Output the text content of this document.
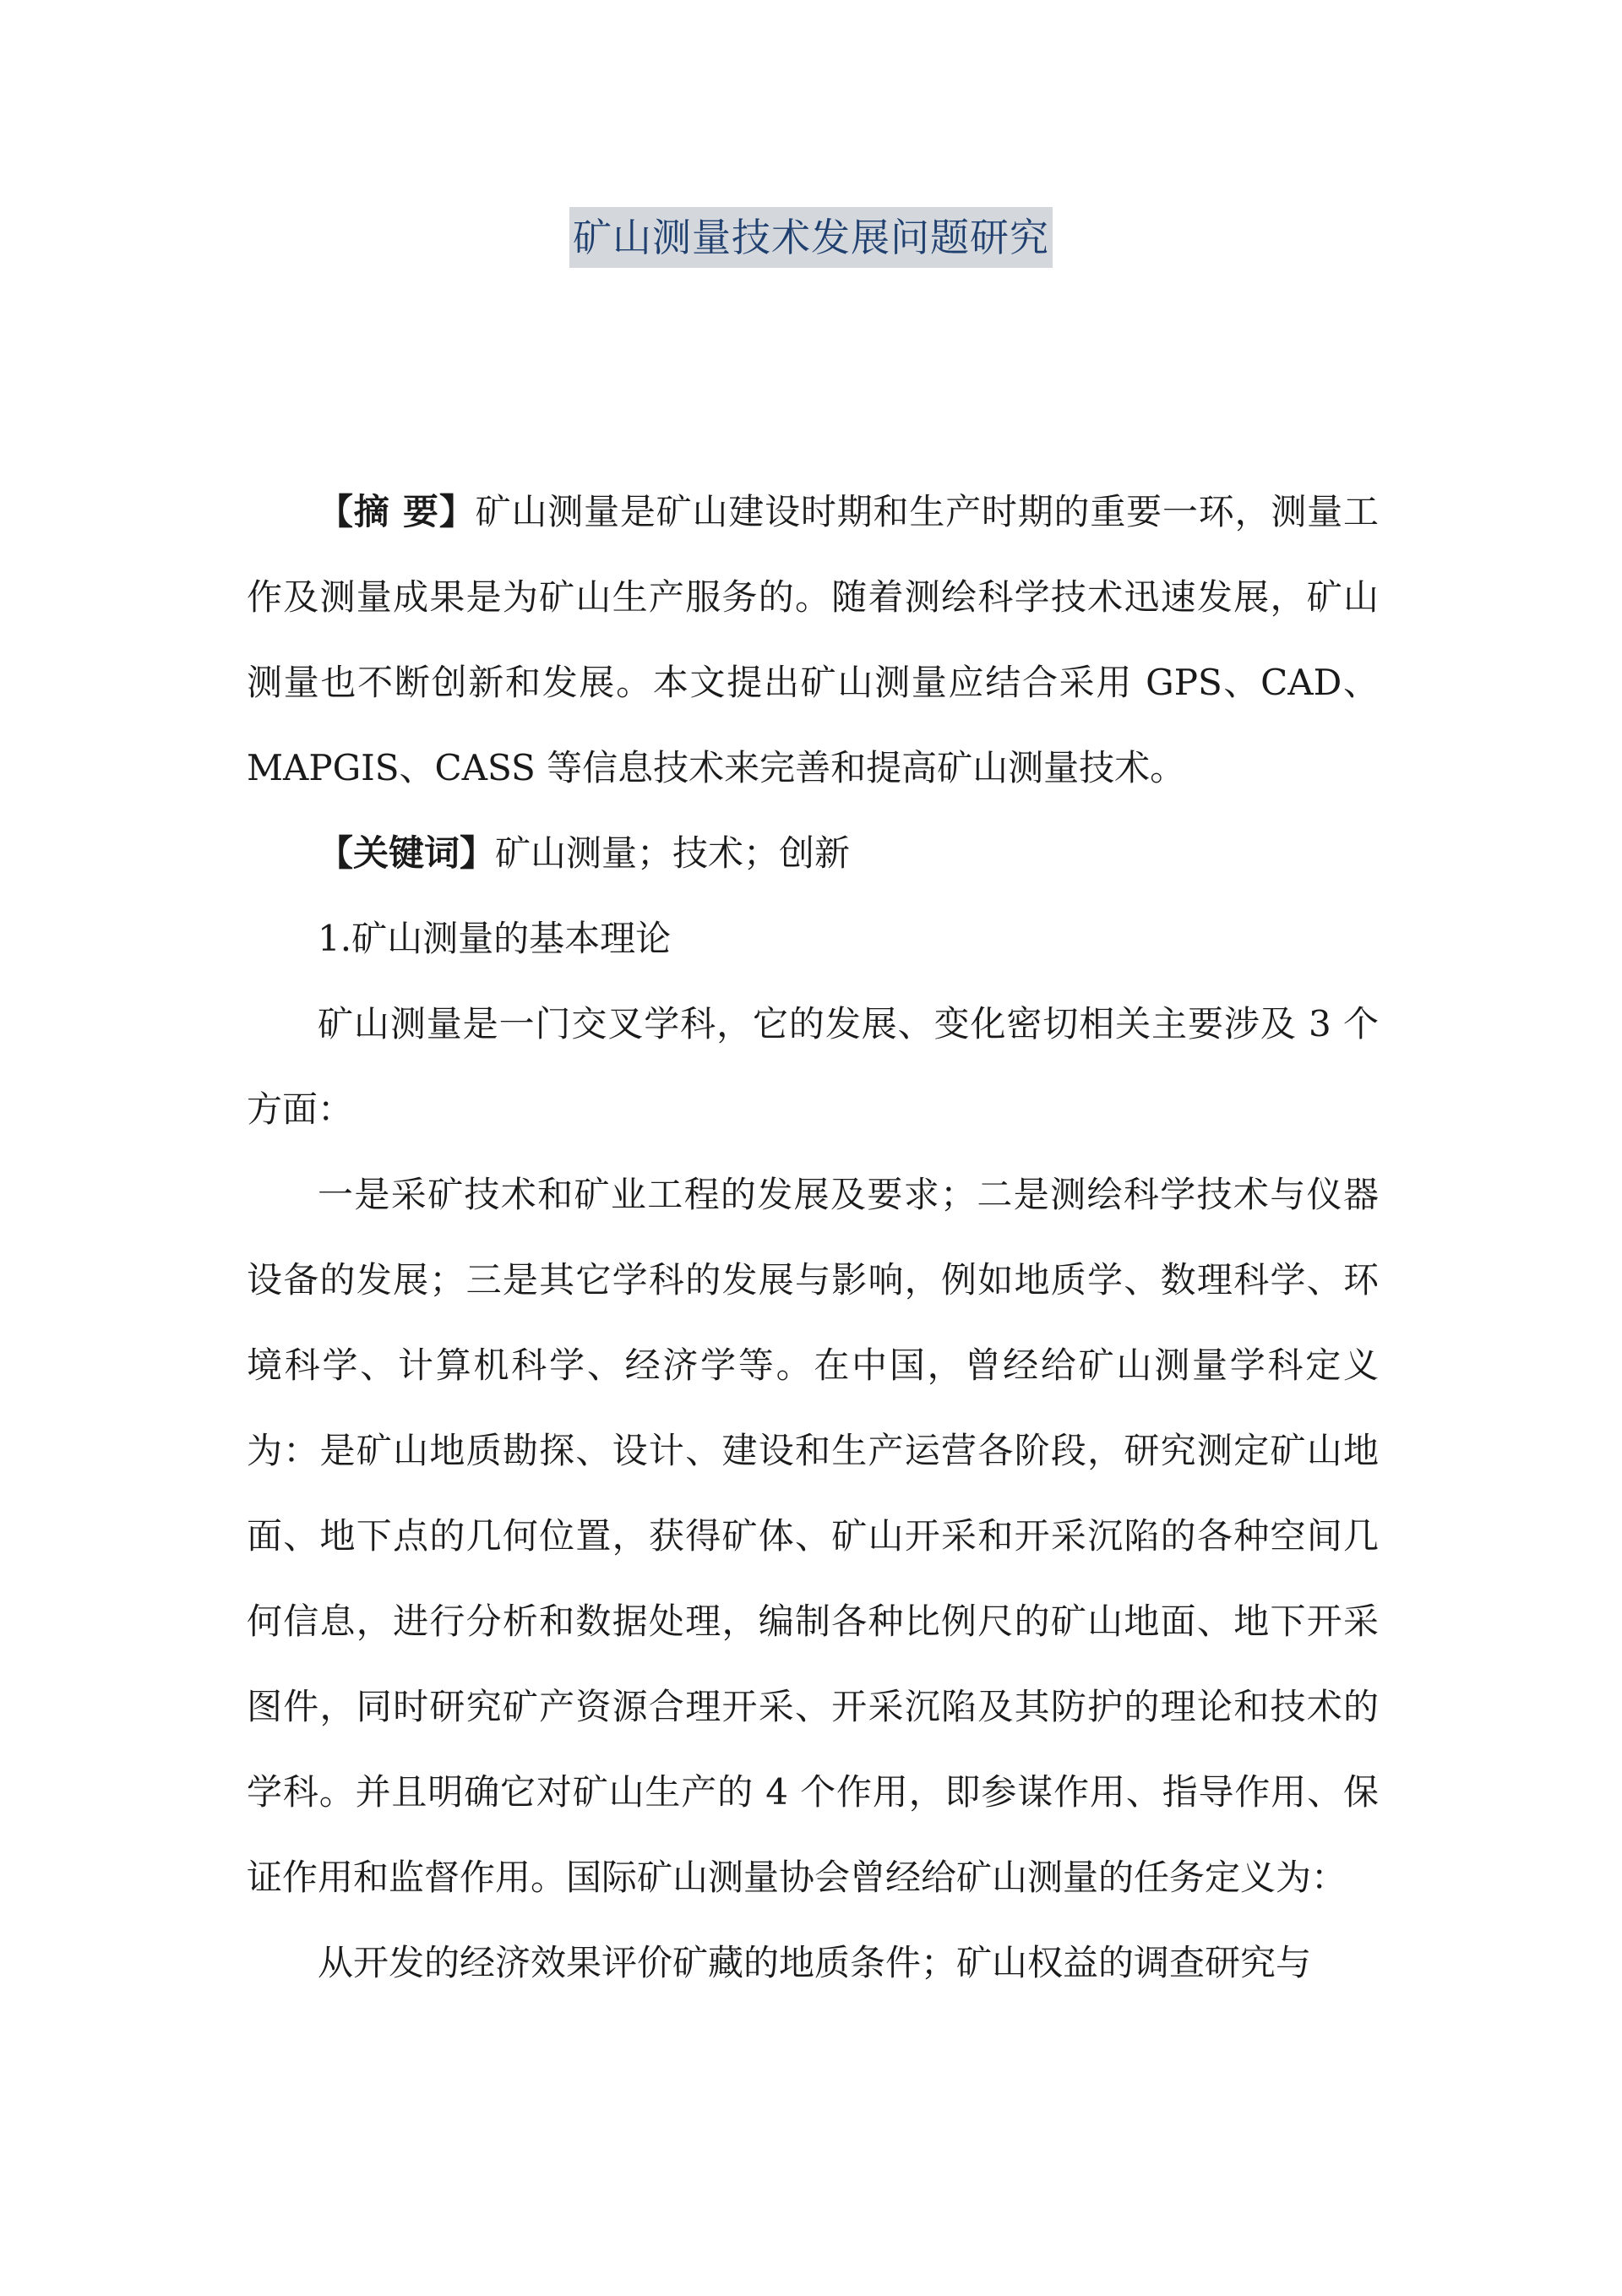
矿山测量技术发展问题研究

【摘 要】矿山测量是矿山建设时期和生产时期的重要一环，测量工作及测量成果是为矿山生产服务的。随着测绘科学技术迅速发展，矿山测量也不断创新和发展。本文提出矿山测量应结合采用 GPS、CAD、MAPGIS、CASS 等信息技术来完善和提高矿山测量技术。

【关键词】矿山测量；技术；创新

1.矿山测量的基本理论

矿山测量是一门交叉学科，它的发展、变化密切相关主要涉及 3 个方面：

一是采矿技术和矿业工程的发展及要求；二是测绘科学技术与仪器设备的发展；三是其它学科的发展与影响，例如地质学、数理科学、环境科学、计算机科学、经济学等。在中国，曾经给矿山测量学科定义为：是矿山地质勘探、设计、建设和生产运营各阶段，研究测定矿山地面、地下点的几何位置，获得矿体、矿山开采和开采沉陷的各种空间几何信息，进行分析和数据处理，编制各种比例尺的矿山地面、地下开采图件，同时研究矿产资源合理开采、开采沉陷及其防护的理论和技术的学科。并且明确它对矿山生产的 4 个作用，即参谋作用、指导作用、保证作用和监督作用。国际矿山测量协会曾经给矿山测量的任务定义为：

从开发的经济效果评价矿藏的地质条件；矿山权益的调查研究与
